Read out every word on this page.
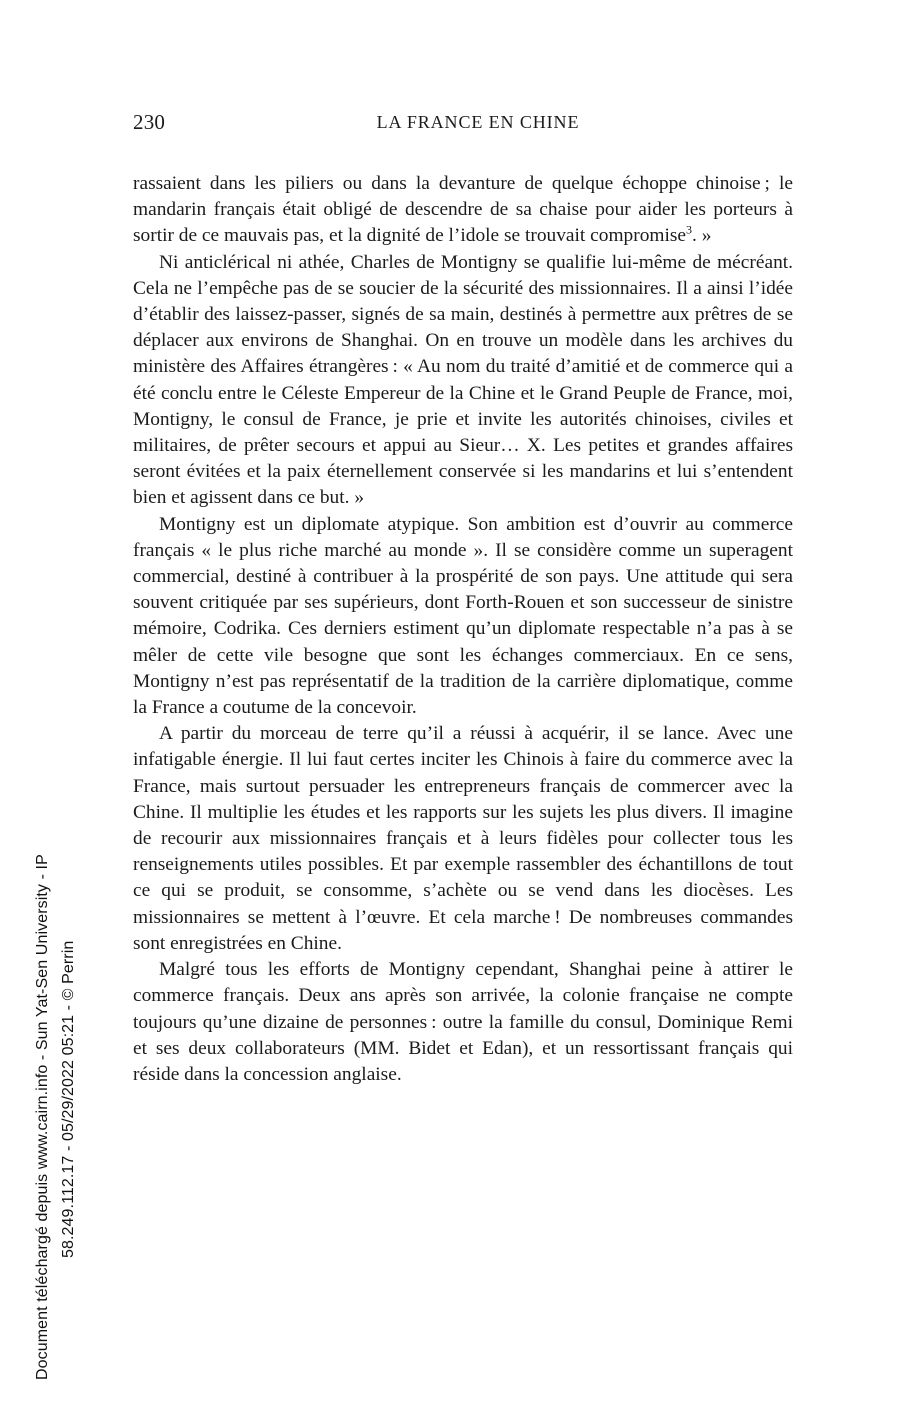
230	LA FRANCE EN CHINE

rassaient dans les piliers ou dans la devanture de quelque échoppe chinoise ; le mandarin français était obligé de descendre de sa chaise pour aider les porteurs à sortir de ce mauvais pas, et la dignité de l’idole se trouvait compromise$^3$. »

Ni anticlérical ni athée, Charles de Montigny se qualifie lui-même de mécréant. Cela ne l’empêche pas de se soucier de la sécurité des missionnaires. Il a ainsi l’idée d’établir des laissez-passer, signés de sa main, destinés à permettre aux prêtres de se déplacer aux environs de Shanghai. On en trouve un modèle dans les archives du ministère des Affaires étrangères : « Au nom du traité d’amitié et de commerce qui a été conclu entre le Céleste Empereur de la Chine et le Grand Peuple de France, moi, Montigny, le consul de France, je prie et invite les autorités chinoises, civiles et militaires, de prêter secours et appui au Sieur… X. Les petites et grandes affaires seront évitées et la paix éternellement conservée si les mandarins et lui s’entendent bien et agissent dans ce but. »

Montigny est un diplomate atypique. Son ambition est d’ouvrir au commerce français « le plus riche marché au monde ». Il se considère comme un superagent commercial, destiné à contribuer à la prospérité de son pays. Une attitude qui sera souvent critiquée par ses supérieurs, dont Forth-Rouen et son successeur de sinistre mémoire, Codrika. Ces derniers estiment qu’un diplomate respectable n’a pas à se mêler de cette vile besogne que sont les échanges commerciaux. En ce sens, Montigny n’est pas représentatif de la tradition de la carrière diplomatique, comme la France a coutume de la concevoir.

A partir du morceau de terre qu’il a réussi à acquérir, il se lance. Avec une infatigable énergie. Il lui faut certes inciter les Chinois à faire du commerce avec la France, mais surtout persuader les entrepreneurs français de commercer avec la Chine. Il multiplie les études et les rapports sur les sujets les plus divers. Il imagine de recourir aux missionnaires français et à leurs fidèles pour collecter tous les renseignements utiles possibles. Et par exemple rassembler des échantillons de tout ce qui se produit, se consomme, s’achète ou se vend dans les diocèses. Les missionnaires se mettent à l’œuvre. Et cela marche ! De nombreuses commandes sont enregistrées en Chine.

Malgré tous les efforts de Montigny cependant, Shanghai peine à attirer le commerce français. Deux ans après son arrivée, la colonie française ne compte toujours qu’une dizaine de personnes : outre la famille du consul, Dominique Remi et ses deux collaborateurs (MM. Bidet et Edan), et un ressortissant français qui réside dans la concession anglaise.

Document téléchargé depuis www.cairn.info - Sun Yat-Sen University - IP 58.249.112.17 - 05/29/2022 05:21 - © Perrin
